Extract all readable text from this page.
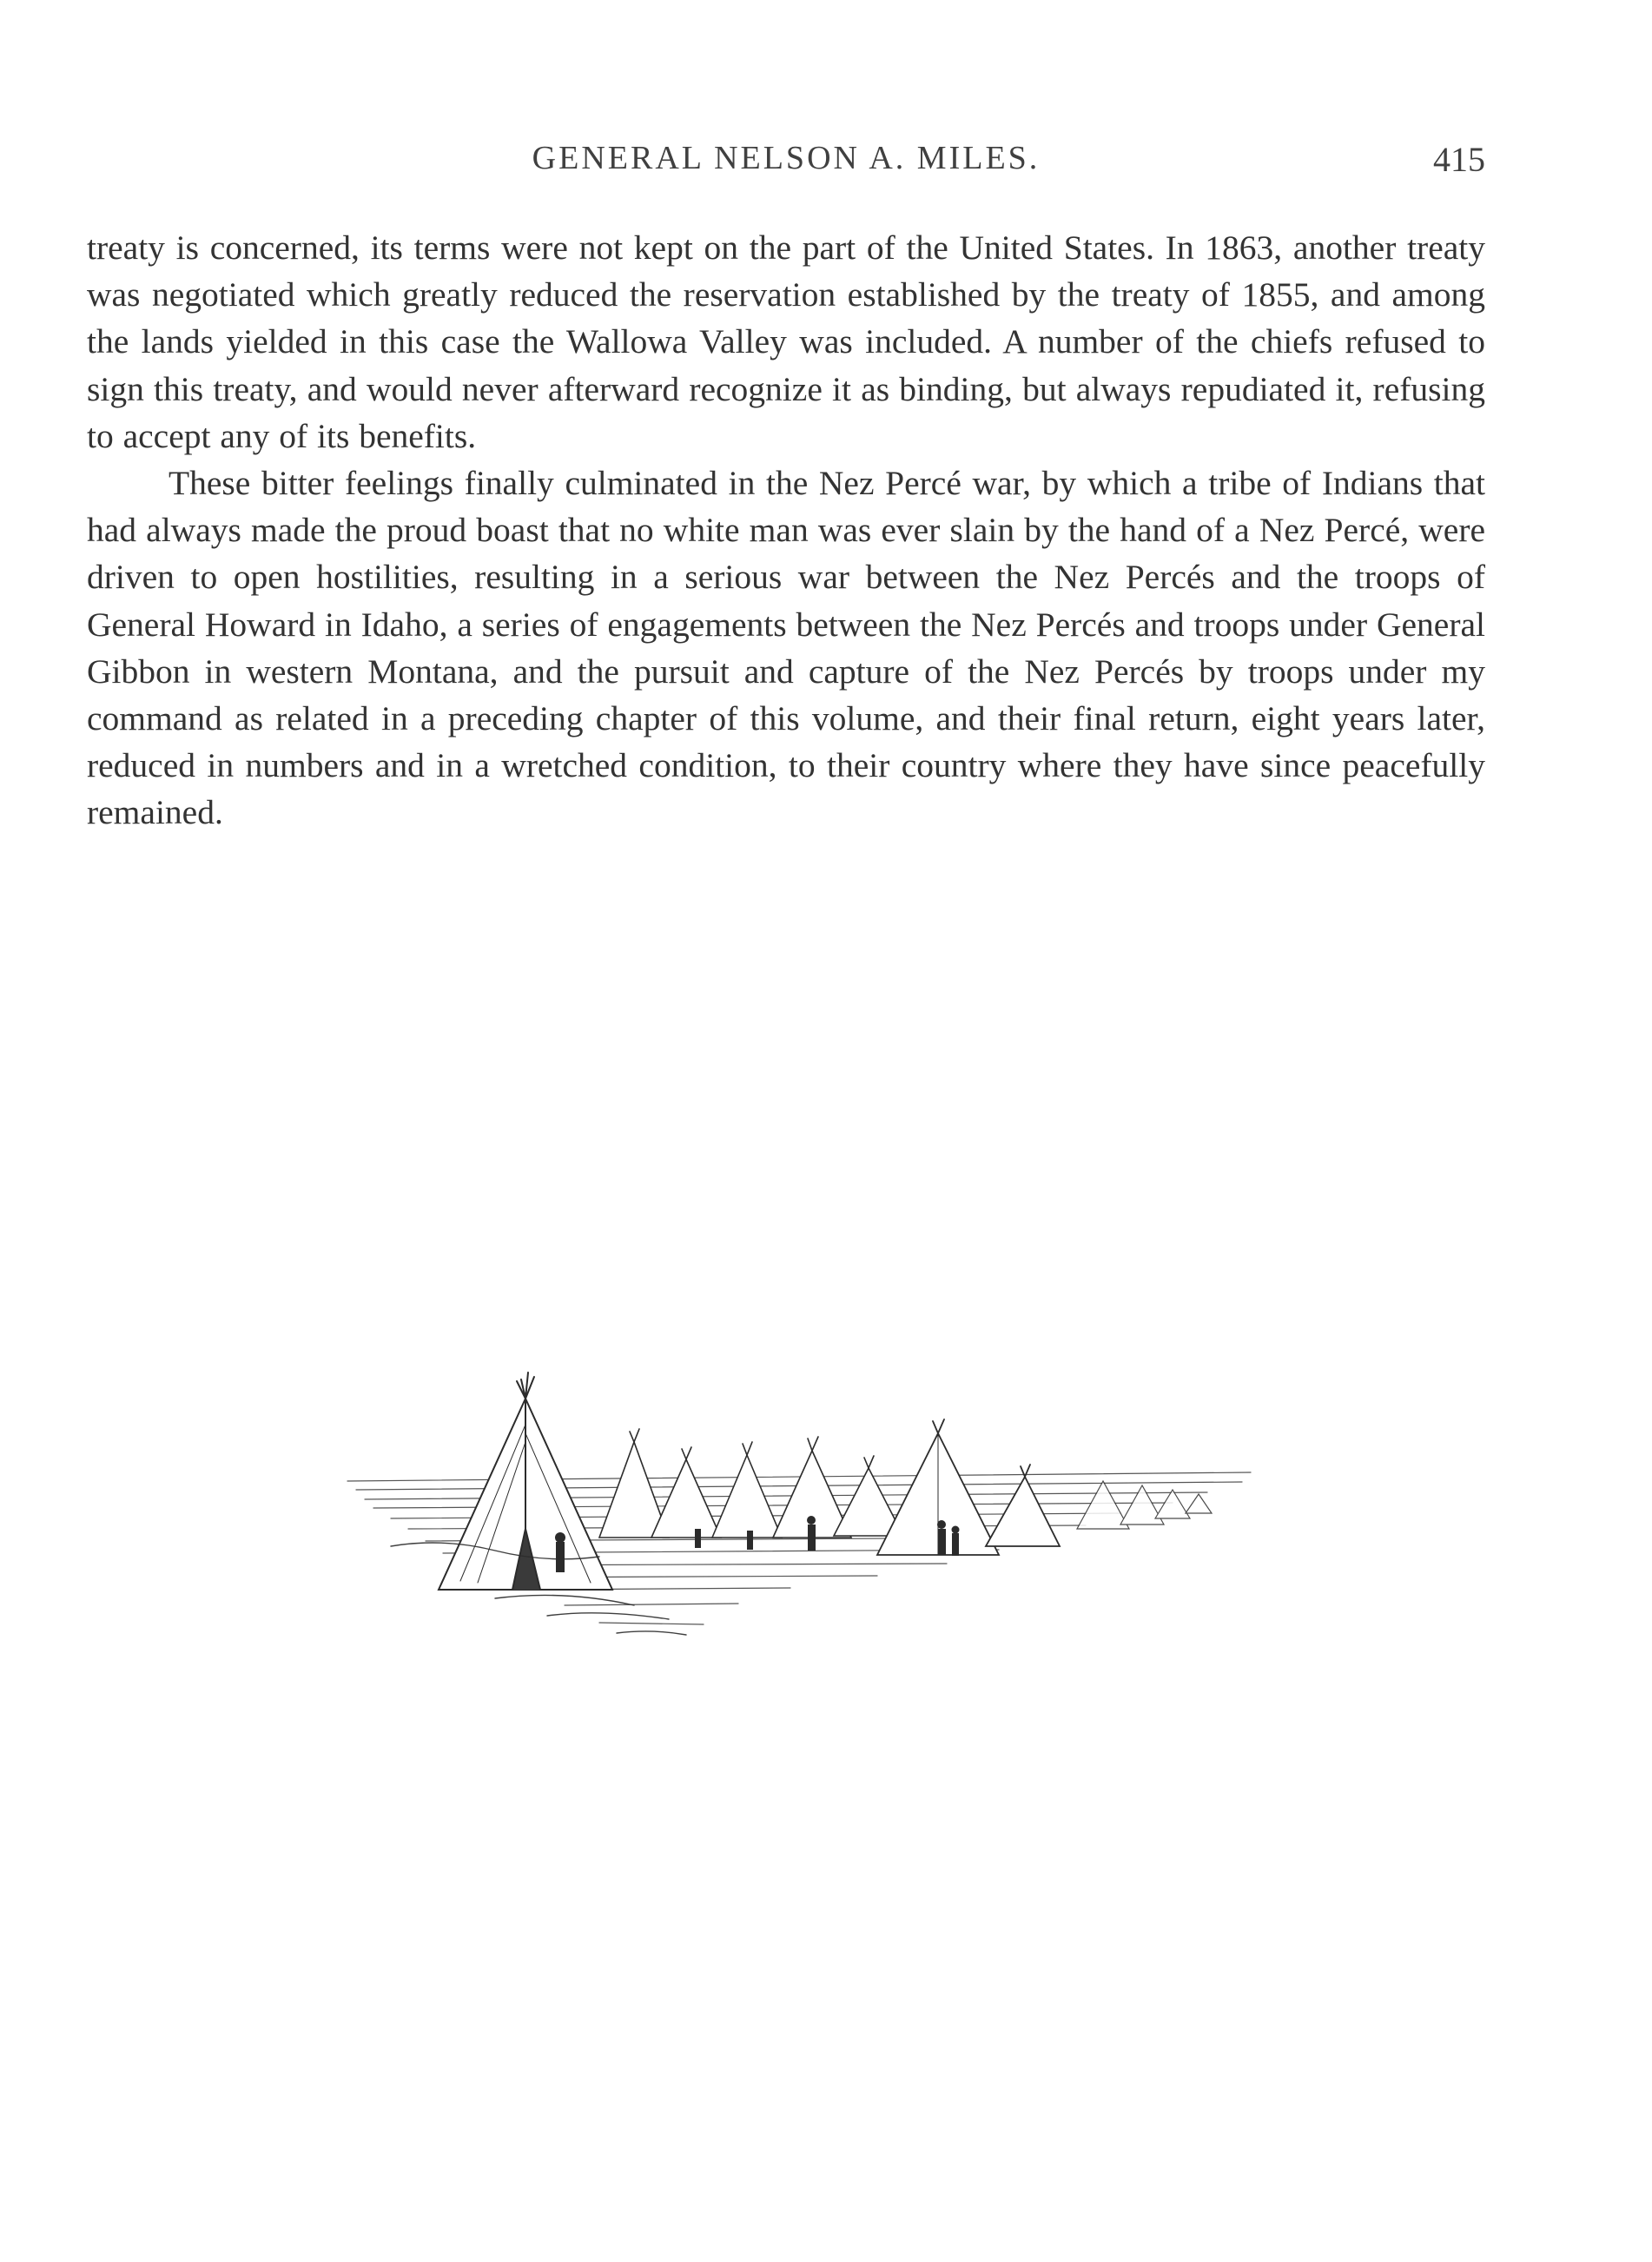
GENERAL NELSON A. MILES.	415

treaty is concerned, its terms were not kept on the part of the United States. In 1863, another treaty was negotiated which greatly reduced the reservation established by the treaty of 1855, and among the lands yielded in this case the Wallowa Valley was included. A number of the chiefs refused to sign this treaty, and would never afterward recognize it as binding, but always repudiated it, refusing to accept any of its benefits.

These bitter feelings finally culminated in the Nez Percé war, by which a tribe of Indians that had always made the proud boast that no white man was ever slain by the hand of a Nez Percé, were driven to open hostilities, resulting in a serious war between the Nez Percés and the troops of General Howard in Idaho, a series of engagements between the Nez Percés and troops under General Gibbon in western Montana, and the pursuit and capture of the Nez Percés by troops under my command as related in a preceding chapter of this volume, and their final return, eight years later, reduced in numbers and in a wretched condition, to their country where they have since peacefully remained.
